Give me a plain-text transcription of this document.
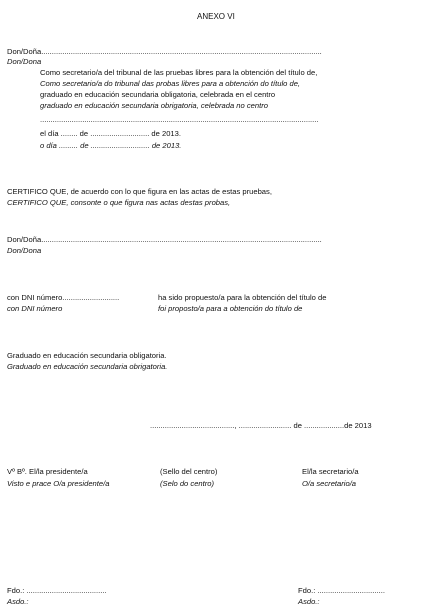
ANEXO VI
Don/Doña.....................................................................................................................................
Don/Dona
Como secretario/a del tribunal de las pruebas libres para la obtención del título de,
Como secretario/a do tribunal das probas libres para a obtención do título de,
graduado en educación secundaria obligatoria, celebrada en el centro
graduado en educación secundaria obrigatoria, celebrada no centro
....................................................................................................................................
el día ........ de ............................ de 2013.
o día ......... de ............................ de 2013.
CERTIFICO QUE, de acuerdo con lo que figura en las actas de estas pruebas,
CERTIFICO QUE, consonte o que figura nas actas destas probas,
Don/Doña.....................................................................................................................................
Don/Dona
con DNI número...........................	ha sido propuesto/a para la obtención del título de
con DNI número	foi proposto/a para a obtención do título de
Graduado en educación secundaria obligatoria.
Graduado en educación secundaria obrigatoria.
........................................, ......................... de ...................de 2013
Vº Bº. El/la presidente/a
Visto e prace O/a presidente/a
(Sello del centro)
(Selo do centro)
El/la secretario/a
O/a secretario/a
Fdo.: ......................................
Asdo.:
Fdo.: ................................
Asdo.:
